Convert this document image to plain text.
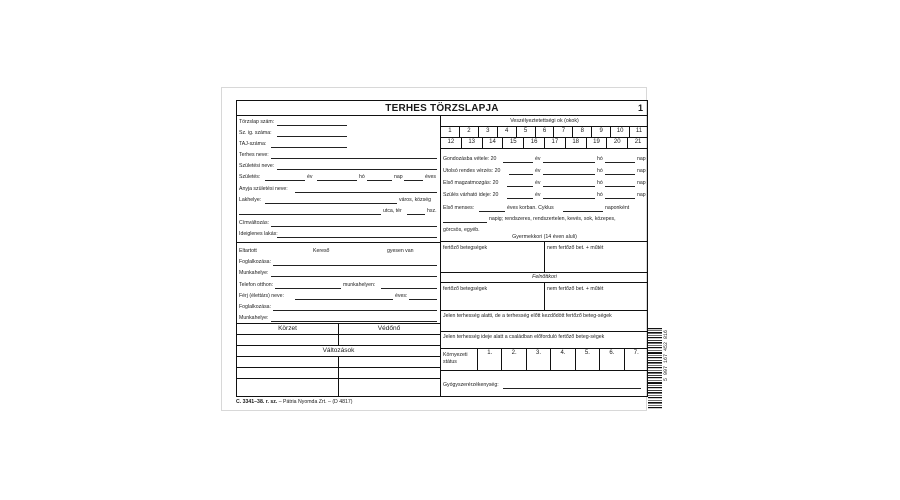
TERHES TÖRZSLAPJA	1
Törzslap szám:
Sz. ig. száma:
TAJ-száma:
Terhes neve:
Születési neve:
Születés:	év	hó	nap	éves
Anyja születési neve:
Lakhelye:	város, község
utca, tér	hsz.
Címváltozás:
Ideiglenes lakás:
Eltartott	Kereső	gyesen van
Foglalkozása:
Munkahelye:
Telefon otthon:	munkahelyen:
Férj (élettárs) neve:	éves:
Foglalkozása:
Munkahelye:
Körzet	Védőnő
Változások
Veszélyeztetettségi ok (okok)
1	2	3	4	5	6	7	8	9	10	11
12	13	14	15	16	17	18	19	20	21
Gondozásba vétele: 20	év	hó	nap
Utolsó rendes vérzés: 20	év	hó	nap
Első magzatmozgás: 20	év	hó	nap
Szülés várható ideje: 20	év	hó	nap
Első menses:	éves korban. Cyklus	naponként
napig; rendszeres, rendszertelen, kevés, sok, közepes,
görcsös, egyéb.
Gyermekkori (14 éven aluli)
fertőző betegségek	nem fertőző bet. + műtét
Felnőttkori
fertőző betegségek	nem fertőző bet. + műtét
Jelen terhesség alatti, de a terhesség előtt kezdődött fertőző beteg-ségek
Jelen terhesség ideje alatt a családban előforduló fertőző beteg-ségek
Környezeti státus
1.	2.	3.	4.	5.	6.	7.
Gyógyszerérzékenység:
C. 3341–38. r. sz. – Pátria Nyomda Zrt. – (D 4817)
5 997 167 452 816
